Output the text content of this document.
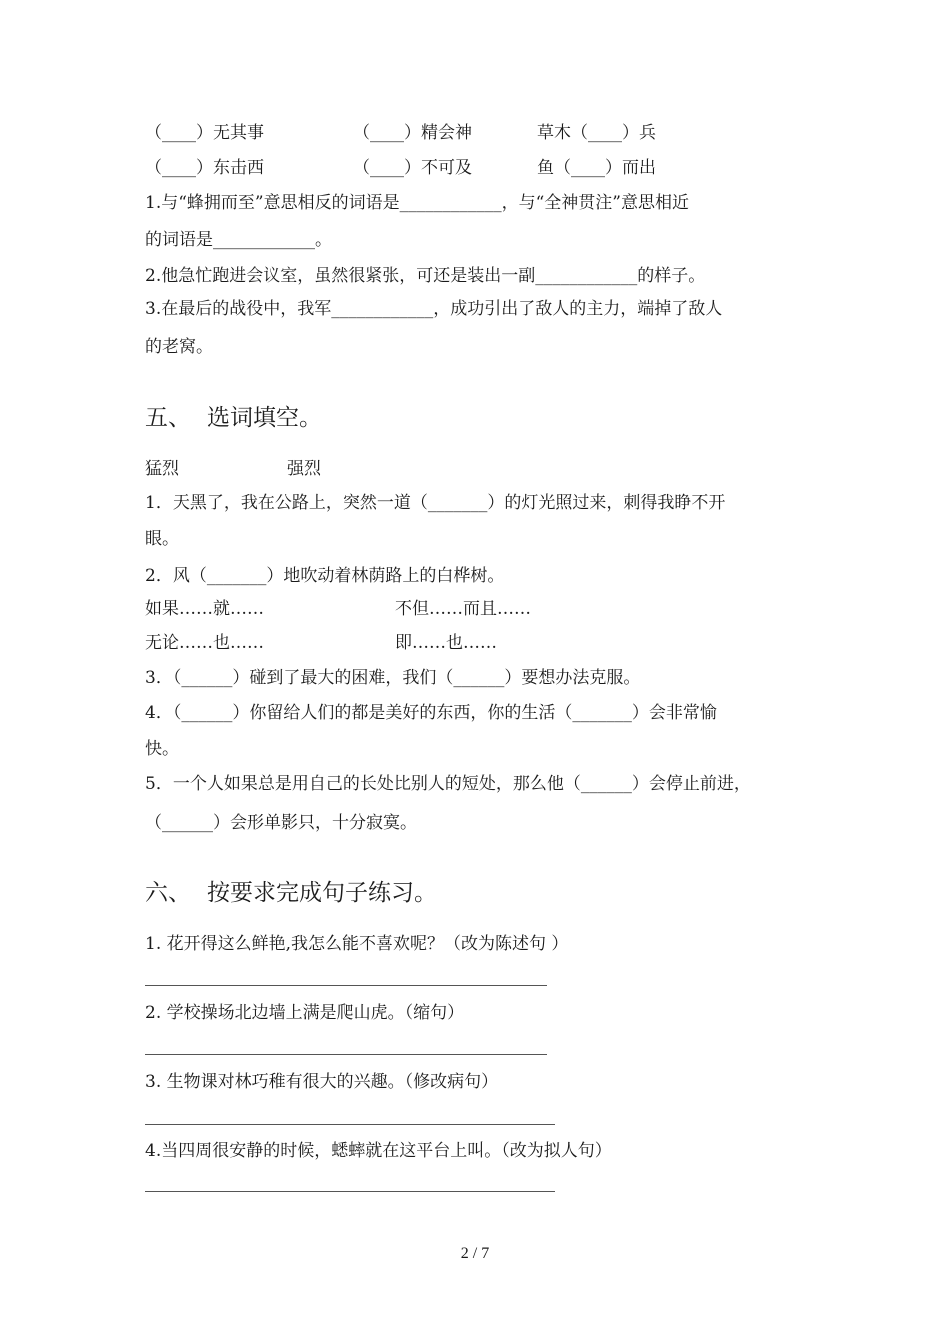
（____）无其事	（____）精会神	草木（____）兵
（____）东击西	（____）不可及	鱼（____）而出
1.与“蜂拥而至”意思相反的词语是____________，与“全神贯注”意思相近
的词语是____________。
2.他急忙跑进会议室，虽然很紧张，可还是装出一副____________的样子。
3.在最后的战役中，我军____________，成功引出了敌人的主力，端掉了敌人
的老窝。
五、 选词填空。
猛烈	强烈
1．天黑了，我在公路上，突然一道（_______）的灯光照过来，刺得我睁不开
眼。
2．风（_______）地吹动着林荫路上的白桦树。
如果……就……	不但……而且……
无论……也……	即……也……
3．（______）碰到了最大的困难，我们（______）要想办法克服。
4．（______）你留给人们的都是美好的东西，你的生活（_______）会非常愉
快。
5．一个人如果总是用自己的长处比别人的短处，那么他（______）会停止前进，
（______）会形单影只，十分寂寞。
六、 按要求完成句子练习。
1. 花开得这么鲜艳,我怎么能不喜欢呢？（改为陈述句 ）
2. 学校操场北边墙上满是爬山虎。（缩句）
3. 生物课对林巧稚有很大的兴趣。（修改病句）
4.当四周很安静的时候，蟋蟀就在这平台上叫。（改为拟人句）
2 / 7
